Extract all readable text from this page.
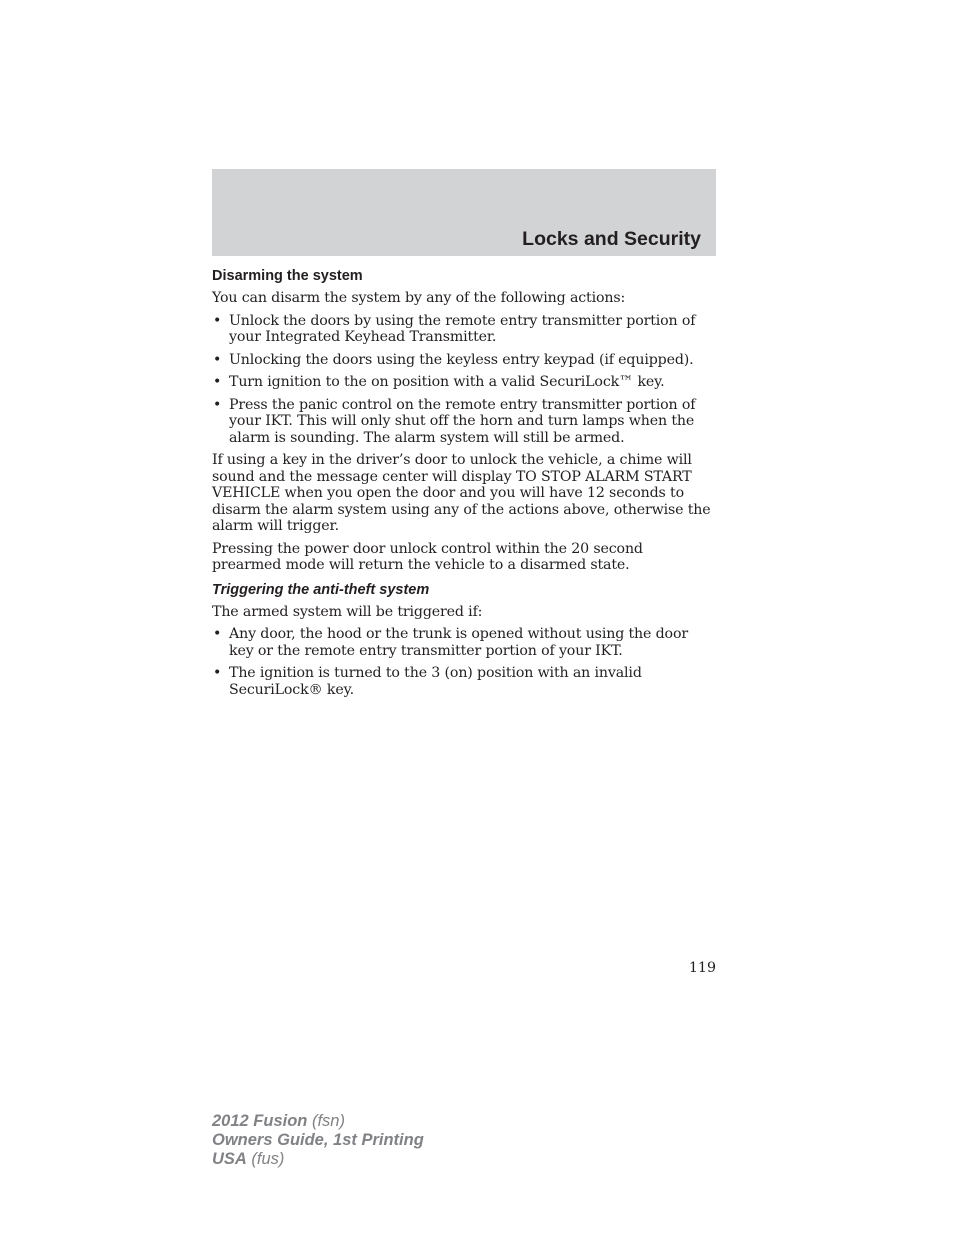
Locks and Security
Disarming the system

You can disarm the system by any of the following actions:

• Unlock the doors by using the remote entry transmitter portion of your Integrated Keyhead Transmitter.
• Unlocking the doors using the keyless entry keypad (if equipped).
• Turn ignition to the on position with a valid SecuriLock™ key.
• Press the panic control on the remote entry transmitter portion of your IKT. This will only shut off the horn and turn lamps when the alarm is sounding. The alarm system will still be armed.

If using a key in the driver’s door to unlock the vehicle, a chime will sound and the message center will display TO STOP ALARM START VEHICLE when you open the door and you will have 12 seconds to disarm the alarm system using any of the actions above, otherwise the alarm will trigger.

Pressing the power door unlock control within the 20 second prearmed mode will return the vehicle to a disarmed state.

Triggering the anti-theft system

The armed system will be triggered if:

• Any door, the hood or the trunk is opened without using the door key or the remote entry transmitter portion of your IKT.
• The ignition is turned to the 3 (on) position with an invalid SecuriLock® key.
119
2012 Fusion (fsn)
Owners Guide, 1st Printing
USA (fus)
